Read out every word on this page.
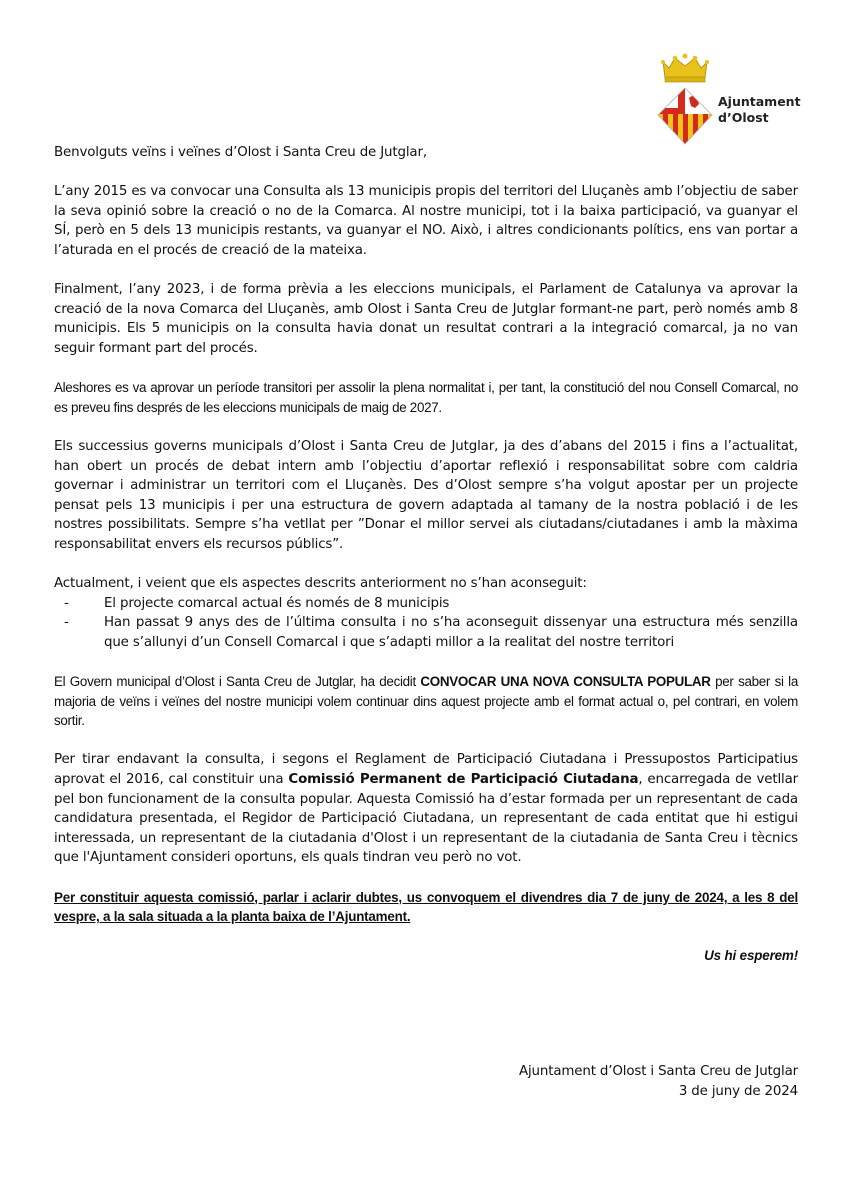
Ajuntament
d’Olost

Benvolguts veïns i veïnes d’Olost i Santa Creu de Jutglar,

L’any 2015 es va convocar una Consulta als 13 municipis propis del territori del Lluçanès amb l’objectiu de saber la seva opinió sobre la creació o no de la Comarca. Al nostre municipi, tot i la baixa participació, va guanyar el SÍ, però en 5 dels 13 municipis restants, va guanyar el NO. Això, i altres condicionants polítics, ens van portar a l’aturada en el procés de creació de la mateixa.

Finalment, l’any 2023, i de forma prèvia a les eleccions municipals, el Parlament de Catalunya va aprovar la creació de la nova Comarca del Lluçanès, amb Olost i Santa Creu de Jutglar formant-ne part, però només amb 8 municipis. Els 5 municipis on la consulta havia donat un resultat contrari a la integració comarcal, ja no van seguir formant part del procés.

Aleshores es va aprovar un període transitori per assolir la plena normalitat i, per tant, la constitució del nou Consell Comarcal, no es preveu fins després de les eleccions municipals de maig de 2027.

Els successius governs municipals d’Olost i Santa Creu de Jutglar, ja des d’abans del 2015 i fins a l’actualitat, han obert un procés de debat intern amb l’objectiu d’aportar reflexió i responsabilitat sobre com caldria governar i administrar un territori com el Lluçanès. Des d’Olost sempre s’ha volgut apostar per un projecte pensat pels 13 municipis i per una estructura de govern adaptada al tamany de la nostra població i de les nostres possibilitats. Sempre s’ha vetllat per ”Donar el millor servei als ciutadans/ciutadanes i amb la màxima responsabilitat envers els recursos públics”.

Actualment, i veient que els aspectes descrits anteriorment no s’han aconseguit:

- El projecte comarcal actual és només de 8 municipis
- Han passat 9 anys des de l’última consulta i no s’ha aconseguit dissenyar una estructura més senzilla que s’allunyi d’un Consell Comarcal i que s’adapti millor a la realitat del nostre territori

El Govern municipal d’Olost i Santa Creu de Jutglar, ha decidit CONVOCAR UNA NOVA CONSULTA POPULAR per saber si la majoria de veïns i veïnes del nostre municipi volem continuar dins aquest projecte amb el format actual o, pel contrari, en volem sortir.

Per tirar endavant la consulta, i segons el Reglament de Participació Ciutadana i Pressupostos Participatius aprovat el 2016, cal constituir una Comissió Permanent de Participació Ciutadana, encarregada de vetllar pel bon funcionament de la consulta popular. Aquesta Comissió ha d’estar formada per un representant de cada candidatura presentada, el Regidor de Participació Ciutadana, un representant de cada entitat que hi estigui interessada, un representant de la ciutadania d'Olost i un representant de la ciutadania de Santa Creu i tècnics que l'Ajuntament consideri oportuns, els quals tindran veu però no vot.

Per constituir aquesta comissió, parlar i aclarir dubtes, us convoquem el divendres dia 7 de juny de 2024, a les 8 del vespre, a la sala situada a la planta baixa de l’Ajuntament.

Us hi esperem!

Ajuntament d’Olost i Santa Creu de Jutglar
3 de juny de 2024
